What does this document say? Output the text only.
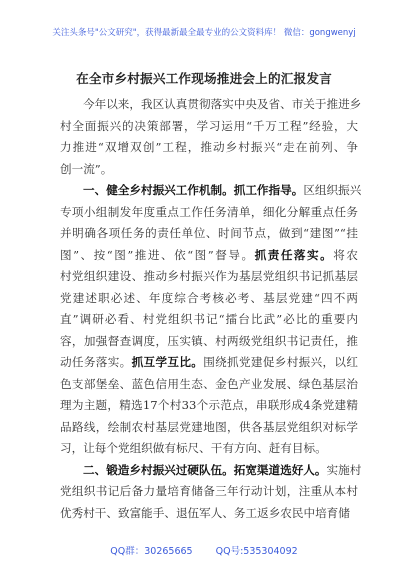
关注头条号"公文研究"，获得最新最全最专业的公文资料库！ 微信：gongwenyj
在全市乡村振兴工作现场推进会上的汇报发言
今年以来，我区认真贯彻落实中央及省、市关于推进乡
村全面振兴的决策部署，学习运用“千万工程”经验，大
力推进“双增双创”工程，推动乡村振兴“走在前列、争
创一流”。
一、健全乡村振兴工作机制。抓工作指导。区组织振兴
专项小组制发年度重点工作任务清单，细化分解重点任务
并明确各项任务的责任单位、时间节点，做到“建图”“挂
图”、按“图”推进、依“图”督导。抓责任落实。将农
村党组织建设、推动乡村振兴作为基层党组织书记抓基层
党建述职必述、年度综合考核必考、基层党建“四不两
直”调研必看、村党组织书记“擂台比武”必比的重要内
容，加强督查调度，压实镇、村两级党组织书记责任，推
动任务落实。抓互学互比。围绕抓党建促乡村振兴，以红
色支部堡垒、蓝色信用生态、金色产业发展、绿色基层治
理为主题，精选17个村33个示范点，串联形成4条党建精
品路线，绘制农村基层党建地图，供各基层党组织对标学
习，让每个党组织做有标尺、干有方向、赶有目标。
二、锻造乡村振兴过硬队伍。拓宽渠道选好人。实施村
党组织书记后备力量培育储备三年行动计划，注重从本村
优秀村干、致富能手、退伍军人、务工返乡农民中培育储
QQ群：30265665 QQ号:535304092
